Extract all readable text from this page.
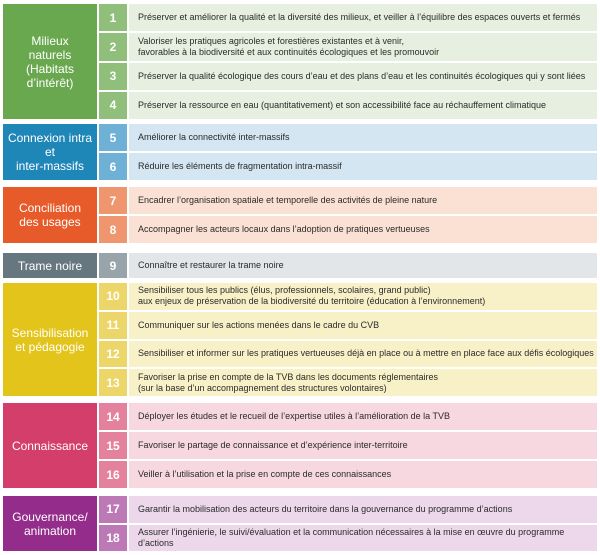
Milieux
naturels
(Habitats
d’intérêt)
1	Préserver et améliorer la qualité et la diversité des milieux, et veiller à l’équilibre des espaces ouverts et fermés
2	Valoriser les pratiques agricoles et forestières existantes et à venir,
favorables à la biodiversité et aux continuités écologiques et les promouvoir
3	Préserver la qualité écologique des cours d’eau et des plans d’eau et les continuités écologiques qui y sont liées
4	Préserver la ressource en eau (quantitativement) et son accessibilité face au réchauffement climatique
Connexion intra
et
inter-massifs
5	Améliorer la connectivité inter-massifs
6	Réduire les éléments de fragmentation intra-massif
Conciliation
des usages
7	Encadrer l’organisation spatiale et temporelle des activités de pleine nature
8	Accompagner les acteurs locaux dans l’adoption de pratiques vertueuses
Trame noire	9	Connaître et restaurer la trame noire
Sensibilisation
et pédagogie
10	Sensibiliser tous les publics (élus, professionnels, scolaires, grand public)
aux enjeux de préservation de la biodiversité du territoire (éducation à l’environnement)
11	Communiquer sur les actions menées dans le cadre du CVB
12	Sensibiliser et informer sur les pratiques vertueuses déjà en place ou à mettre en place face aux défis écologiques
13	Favoriser la prise en compte de la TVB dans les documents réglementaires
(sur la base d’un accompagnement des structures volontaires)
Connaissance
14	Déployer les études et le recueil de l’expertise utiles à l’amélioration de la TVB
15	Favoriser le partage de connaissance et d’expérience inter-territoire
16	Veiller à l’utilisation et la prise en compte de ces connaissances
Gouvernance/
animation
17	Garantir la mobilisation des acteurs du territoire dans la gouvernance du programme d’actions
18	Assurer l’ingénierie, le suivi/évaluation et la communication nécessaires à la mise en œuvre du programme d’actions
